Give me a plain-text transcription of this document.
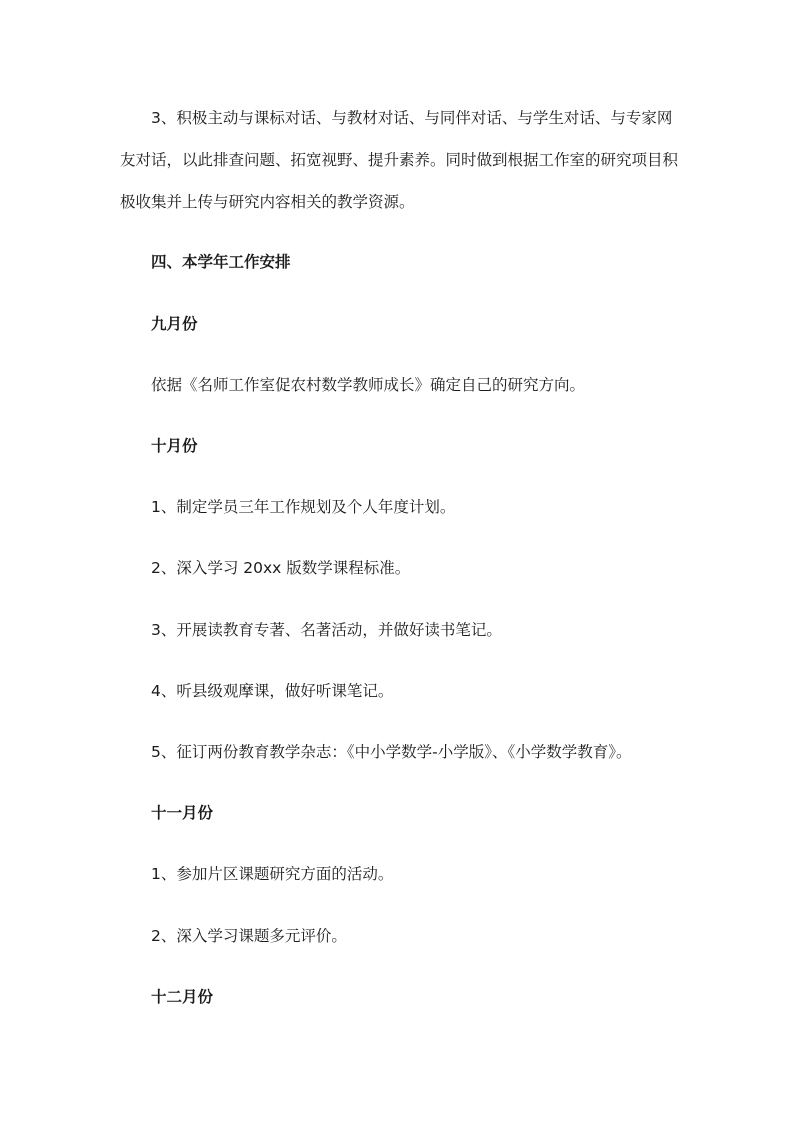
3、积极主动与课标对话、与教材对话、与同伴对话、与学生对话、与专家网友对话，以此排查问题、拓宽视野、提升素养。同时做到根据工作室的研究项目积极收集并上传与研究内容相关的教学资源。

四、本学年工作安排

九月份

依据《名师工作室促农村数学教师成长》确定自己的研究方向。

十月份

1、制定学员三年工作规划及个人年度计划。

2、深入学习 20xx 版数学课程标准。

3、开展读教育专著、名著活动，并做好读书笔记。

4、听县级观摩课，做好听课笔记。

5、征订两份教育教学杂志：《中小学数学-小学版》、《小学数学教育》。

十一月份

1、参加片区课题研究方面的活动。

2、深入学习课题多元评价。

十二月份
